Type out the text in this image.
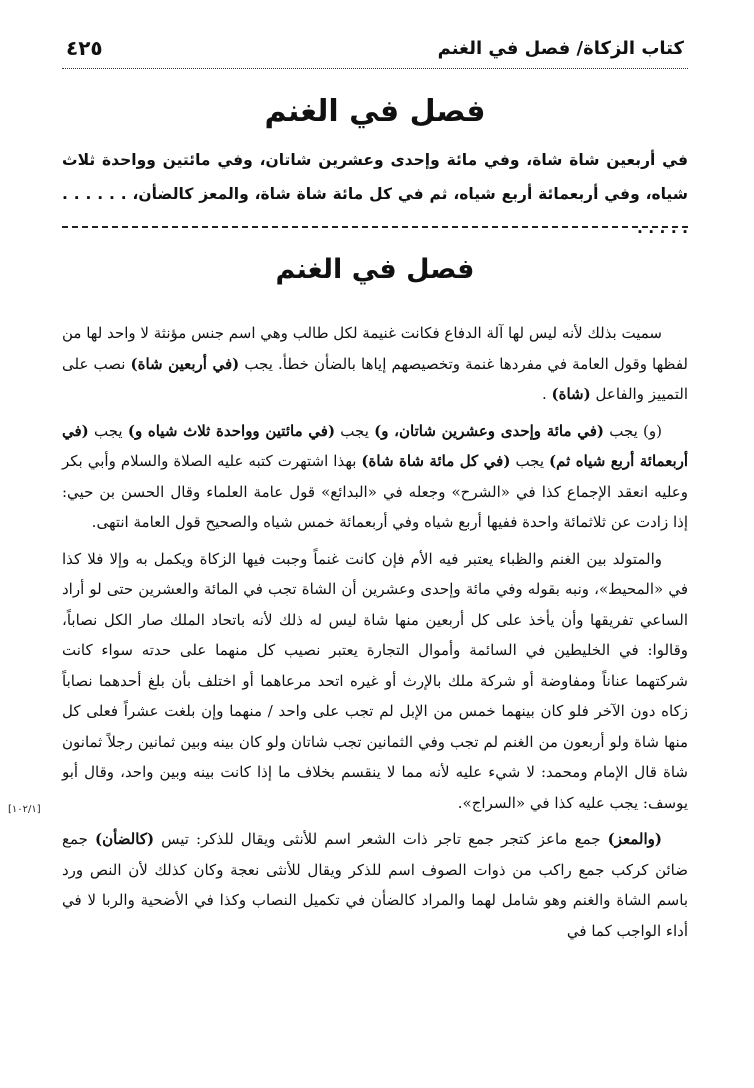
كتاب الزكاة/ فصل في الغنم
٤٢٥
فصل في الغنم
في أربعين شاة شاة، وفي مائة وإحدى وعشرين شاتان، وفي مائتين وواحدة ثلاث شياه، وفي أربعمائة أربع شياه، ثم في كل مائة شاة شاة، والمعز كالضأن، . . . . . . . . . . .
فصل في الغنم

سميت بذلك لأنه ليس لها آلة الدفاع فكانت غنيمة لكل طالب وهي اسم جنس مؤنثة لا واحد لها من لفظها وقول العامة في مفردها غنمة وتخصيصهم إياها بالضأن خطأ. يجب (في أربعين شاة) نصب على التمييز والفاعل (شاة) .

(و) يجب (في مائة وإحدى وعشرين شاتان، و) يجب (في مائتين وواحدة ثلاث شياه و) يجب (في أربعمائة أربع شياه ثم) يجب (في كل مائة شاة شاة) بهذا اشتهرت كتبه عليه الصلاة والسلام وأبي بكر وعليه انعقد الإجماع كذا في «الشرح» وجعله في «البدائع» قول عامة العلماء وقال الحسن بن حيي: إذا زادت عن ثلاثمائة واحدة ففيها أربع شياه وفي أربعمائة خمس شياه والصحيح قول العامة انتهى.

والمتولد بين الغنم والظباء يعتبر فيه الأم فإن كانت غنماً وجبت فيها الزكاة ويكمل به وإلا فلا كذا في «المحيط»، ونبه بقوله وفي مائة وإحدى وعشرين أن الشاة تجب في المائة والعشرين حتى لو أراد الساعي تفريقها وأن يأخذ على كل أربعين منها شاة ليس له ذلك لأنه باتحاد الملك صار الكل نصاباً، وقالوا: في الخليطين في السائمة وأموال التجارة يعتبر نصيب كل منهما على حدته سواء كانت شركتهما عناناً ومفاوضة أو شركة ملك بالإرث أو غيره اتحد مرعاهما أو اختلف بأن بلغ أحدهما نصاباً زكاه دون الآخر فلو كان بينهما خمس من الإبل لم تجب على واحد / منهما وإن بلغت عشراً فعلى كل منها شاة ولو أربعون من الغنم لم تجب وفي الثمانين تجب شاتان ولو كان بينه وبين ثمانين رجلاً ثمانون شاة قال الإمام ومحمد: لا شيء عليه لأنه مما لا ينقسم بخلاف ما إذا كانت بينه وبين واحد، وقال أبو يوسف: يجب عليه كذا في «السراج».

(والمعز) جمع ماعز كتجر جمع تاجر ذات الشعر اسم للأنثى ويقال للذكر: تيس (كالضأن) جمع ضائن كركب جمع راكب من ذوات الصوف اسم للذكر ويقال للأنثى نعجة وكان كذلك لأن النص ورد باسم الشاة والغنم وهو شامل لهما والمراد كالضأن في تكميل النصاب وكذا في الأضحية والربا لا في أداء الواجب كما في

[١٠٢/١]
